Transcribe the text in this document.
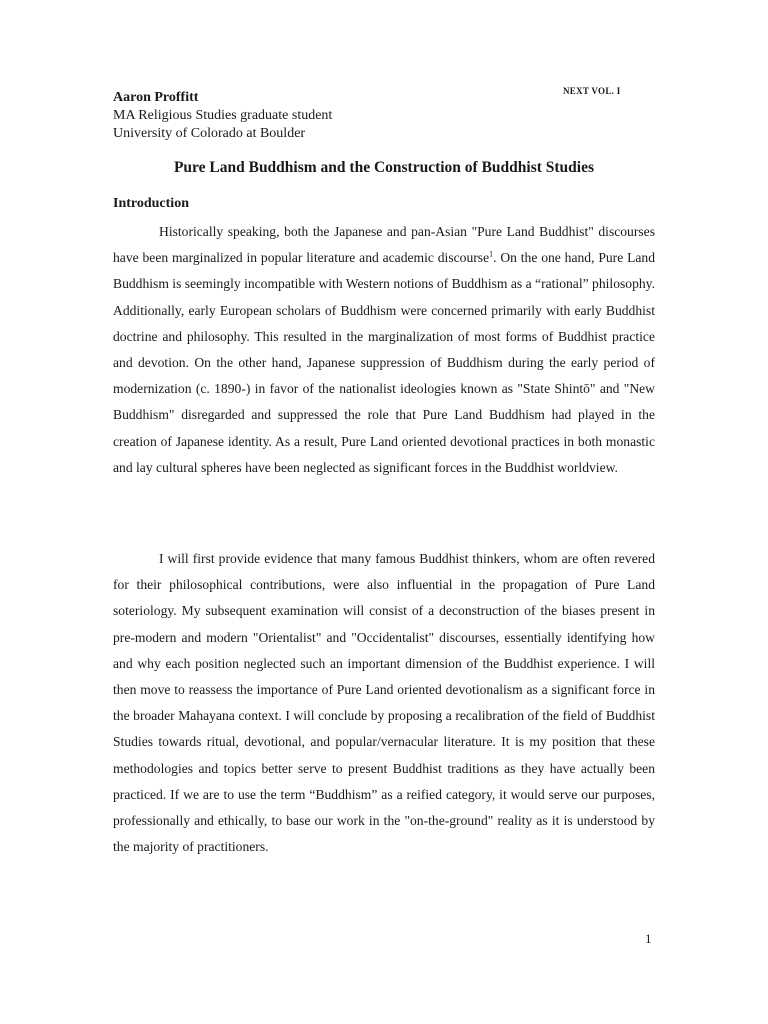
NEXT VOL. I
Aaron Proffitt
MA Religious Studies graduate student
University of Colorado at Boulder
Pure Land Buddhism and the Construction of Buddhist Studies
Introduction
Historically speaking, both the Japanese and pan-Asian "Pure Land Buddhist" discourses have been marginalized in popular literature and academic discourse$^1$. On the one hand, Pure Land Buddhism is seemingly incompatible with Western notions of Buddhism as a “rational” philosophy. Additionally, early European scholars of Buddhism were concerned primarily with early Buddhist doctrine and philosophy. This resulted in the marginalization of most forms of Buddhist practice and devotion. On the other hand, Japanese suppression of Buddhism during the early period of modernization (c. 1890-) in favor of the nationalist ideologies known as "State Shintō" and "New Buddhism" disregarded and suppressed the role that Pure Land Buddhism had played in the creation of Japanese identity. As a result, Pure Land oriented devotional practices in both monastic and lay cultural spheres have been neglected as significant forces in the Buddhist worldview.
I will first provide evidence that many famous Buddhist thinkers, whom are often revered for their philosophical contributions, were also influential in the propagation of Pure Land soteriology. My subsequent examination will consist of a deconstruction of the biases present in pre-modern and modern "Orientalist" and "Occidentalist" discourses, essentially identifying how and why each position neglected such an important dimension of the Buddhist experience. I will then move to reassess the importance of Pure Land oriented devotionalism as a significant force in the broader Mahayana context. I will conclude by proposing a recalibration of the field of Buddhist Studies towards ritual, devotional, and popular/vernacular literature. It is my position that these methodologies and topics better serve to present Buddhist traditions as they have actually been practiced. If we are to use the term “Buddhism” as a reified category, it would serve our purposes, professionally and ethically, to base our work in the "on-the-ground" reality as it is understood by the majority of practitioners.
1
